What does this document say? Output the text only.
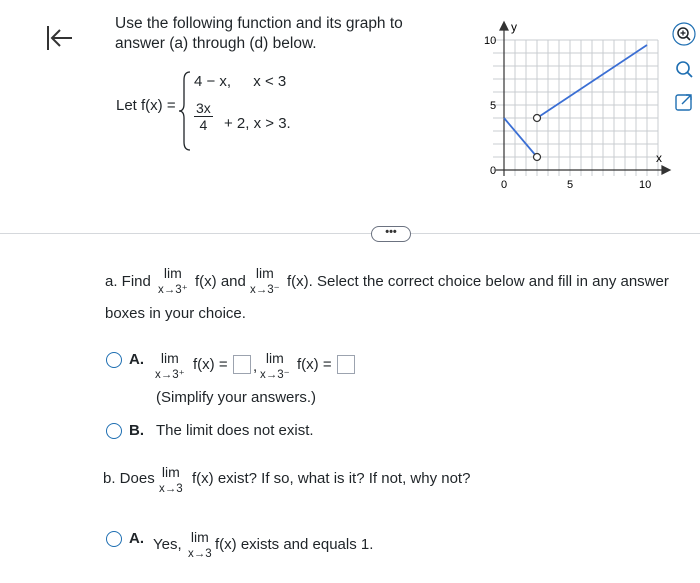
Use the following function and its graph to
answer (a) through (d) below.
Let f(x) =
4 − x, x < 3
$\frac{3x}{4} + 2$, x > 3.
y
x
10
5
0
0	5	10
•••
a. Find lim
x→3⁺ f(x) and lim
x→3⁻ f(x). Select the correct choice below and fill in any answer
boxes in your choice.
A.	lim
x→3⁺
f(x) = , lim
x→3⁻
f(x) =
(Simplify your answers.)
B. The limit does not exist.
b. Does lim
x→3
f(x) exist? If so, what is it? If not, why not?
A. Yes, lim
x→3
f(x) exists and equals 1.
